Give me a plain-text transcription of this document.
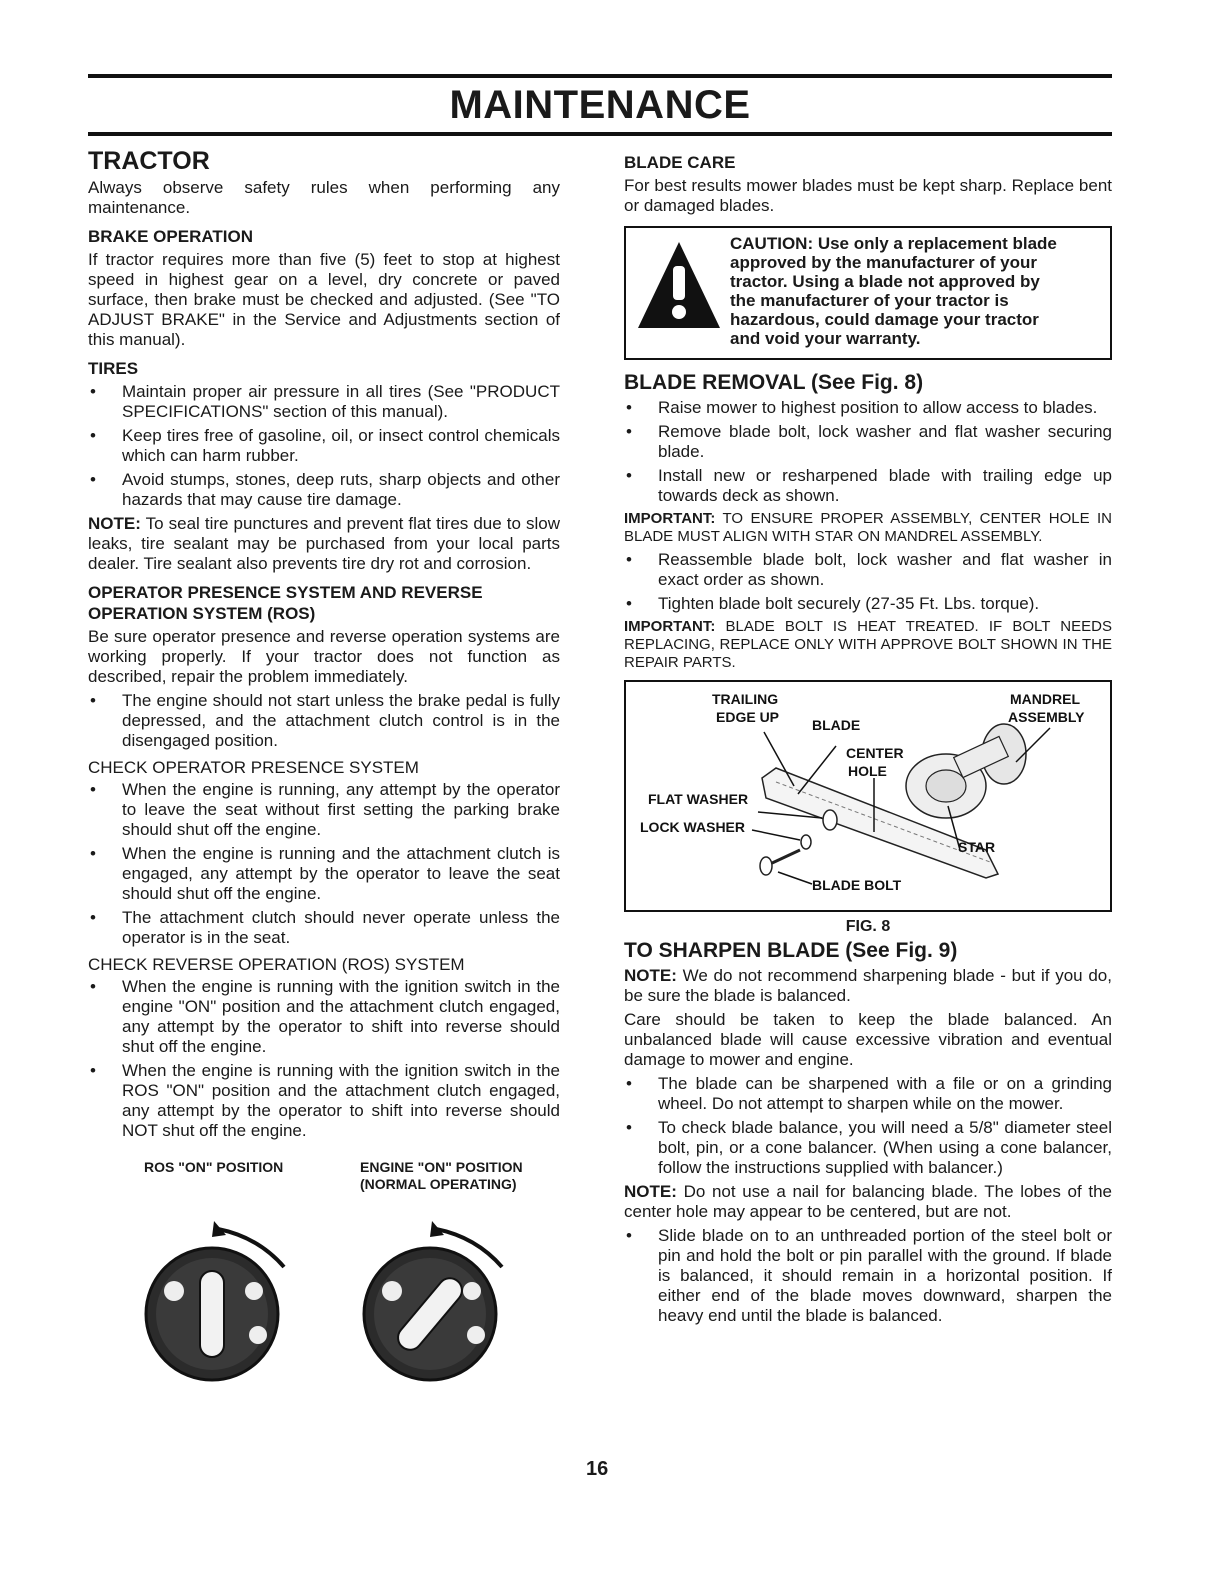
MAINTENANCE
TRACTOR

Always observe safety rules when performing any maintenance.

BRAKE OPERATION

If tractor requires more than five (5) feet to stop at highest speed in highest gear on a level, dry concrete or paved surface, then brake must be checked and adjusted. (See "TO ADJUST BRAKE" in the Service and Adjustments section of this manual).

TIRES
• Maintain proper air pressure in all tires (See "PRODUCT SPECIFICATIONS" section of this manual).
• Keep tires free of gasoline, oil, or insect control chemicals which can harm rubber.
• Avoid stumps, stones, deep ruts, sharp objects and other hazards that may cause tire damage.

NOTE: To seal tire punctures and prevent flat tires due to slow leaks, tire sealant may be purchased from your local parts dealer. Tire sealant also prevents tire dry rot and corrosion.

OPERATOR PRESENCE SYSTEM AND REVERSE OPERATION SYSTEM (ROS)

Be sure operator presence and reverse operation systems are working properly. If your tractor does not function as described, repair the problem immediately.

• The engine should not start unless the brake pedal is fully depressed, and the attachment clutch control is in the disengaged position.
CHECK OPERATOR PRESENCE SYSTEM
• When the engine is running, any attempt by the operator to leave the seat without first setting the parking brake should shut off the engine.
• When the engine is running and the attachment clutch is engaged, any attempt by the operator to leave the seat should shut off the engine.
• The attachment clutch should never operate unless the operator is in the seat.
CHECK REVERSE OPERATION (ROS) SYSTEM
• When the engine is running with the ignition switch in the engine "ON" position and the attachment clutch engaged, any attempt by the operator to shift into reverse should shut off the engine.
• When the engine is running with the ignition switch in the ROS "ON" position and the attachment clutch engaged, any attempt by the operator to shift into reverse should NOT shut off the engine.
ROS "ON" POSITION	ENGINE "ON" POSITION
(NORMAL OPERATING)
BLADE CARE

For best results mower blades must be kept sharp. Replace bent or damaged blades.

CAUTION: Use only a replacement blade approved by the manufacturer of your tractor. Using a blade not approved by the manufacturer of your tractor is hazardous, could damage your tractor and void your warranty.
BLADE REMOVAL (See Fig. 8)
• Raise mower to highest position to allow access to blades.
• Remove blade bolt, lock washer and flat washer securing blade.
• Install new or resharpened blade with trailing edge up towards deck as shown.

IMPORTANT: TO ENSURE PROPER ASSEMBLY, CENTER HOLE IN BLADE MUST ALIGN WITH STAR ON MANDREL ASSEMBLY.

• Reassemble blade bolt, lock washer and flat washer in exact order as shown.
• Tighten blade bolt securely (27-35 Ft. Lbs. torque).

IMPORTANT: BLADE BOLT IS HEAT TREATED. IF BOLT NEEDS REPLACING, REPLACE ONLY WITH APPROVE BOLT SHOWN IN THE REPAIR PARTS.

TRAILING
EDGE UP BLADE
MANDREL
ASSEMBLY
CENTER
HOLE
FLAT WASHER
LOCK WASHER
STAR
BLADE BOLT
FIG. 8
TO SHARPEN BLADE (See Fig. 9)

NOTE: We do not recommend sharpening blade - but if you do, be sure the blade is balanced.

Care should be taken to keep the blade balanced. An unbalanced blade will cause excessive vibration and eventual damage to mower and engine.

• The blade can be sharpened with a file or on a grinding wheel. Do not attempt to sharpen while on the mower.
• To check blade balance, you will need a 5/8" diameter steel bolt, pin, or a cone balancer. (When using a cone balancer, follow the instructions supplied with balancer.)

NOTE: Do not use a nail for balancing blade. The lobes of the center hole may appear to be centered, but are not.

• Slide blade on to an unthreaded portion of the steel bolt or pin and hold the bolt or pin parallel with the ground. If blade is balanced, it should remain in a horizontal position. If either end of the blade moves downward, sharpen the heavy end until the blade is balanced.
16
